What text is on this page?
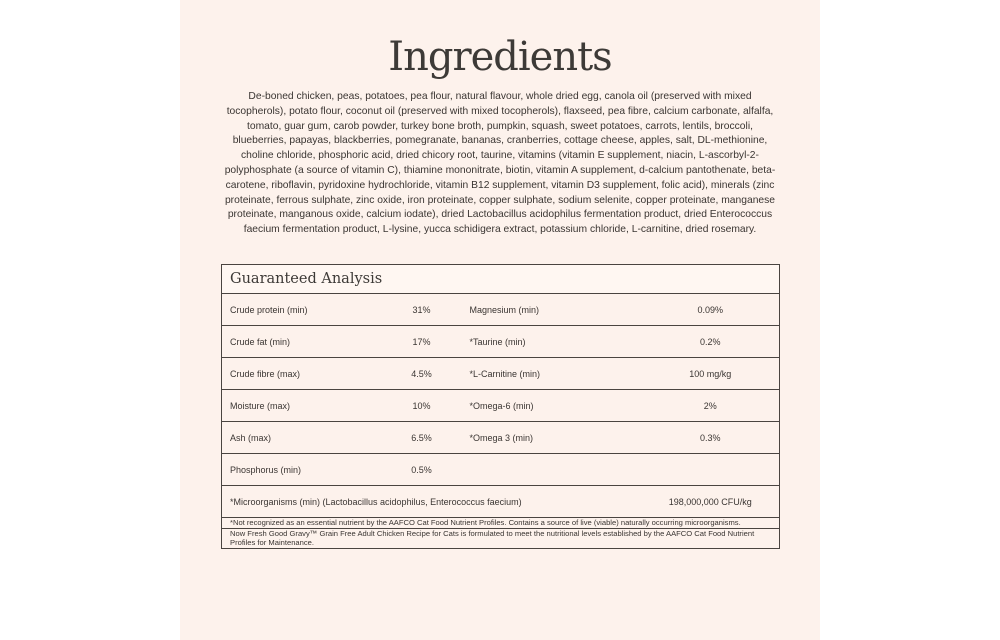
Ingredients
De-boned chicken, peas, potatoes, pea flour, natural flavour, whole dried egg, canola oil (preserved with mixed tocopherols), potato flour, coconut oil (preserved with mixed tocopherols), flaxseed, pea fibre, calcium carbonate, alfalfa, tomato, guar gum, carob powder, turkey bone broth, pumpkin, squash, sweet potatoes, carrots, lentils, broccoli, blueberries, papayas, blackberries, pomegranate, bananas, cranberries, cottage cheese, apples, salt, DL-methionine, choline chloride, phosphoric acid, dried chicory root, taurine, vitamins (vitamin E supplement, niacin, L-ascorbyl-2-polyphosphate (a source of vitamin C), thiamine mononitrate, biotin, vitamin A supplement, d-calcium pantothenate, beta-carotene, riboflavin, pyridoxine hydrochloride, vitamin B12 supplement, vitamin D3 supplement, folic acid), minerals (zinc proteinate, ferrous sulphate, zinc oxide, iron proteinate, copper sulphate, sodium selenite, copper proteinate, manganese proteinate, manganous oxide, calcium iodate), dried Lactobacillus acidophilus fermentation product, dried Enterococcus faecium fermentation product, L-lysine, yucca schidigera extract, potassium chloride, L-carnitine, dried rosemary.
Guaranteed Analysis			
Crude protein (min)	31%	Magnesium (min)	0.09%
Crude fat (min)	17%	*Taurine (min)	0.2%
Crude fibre (max)	4.5%	*L-Carnitine (min)	100 mg/kg
Moisture (max)	10%	*Omega-6 (min)	2%
Ash (max)	6.5%	*Omega 3 (min)	0.3%
Phosphorus (min)	0.5%		
*Microorganisms (min) (Lactobacillus acidophilus, Enterococcus faecium)			198,000,000 CFU/kg
*Not recognized as an essential nutrient by the AAFCO Cat Food Nutrient Profiles. Contains a source of live (viable) naturally occurring microorganisms.			
Now Fresh Good Gravy™ Grain Free Adult Chicken Recipe for Cats is formulated to meet the nutritional levels established by the AAFCO Cat Food Nutrient Profiles for Maintenance.			
